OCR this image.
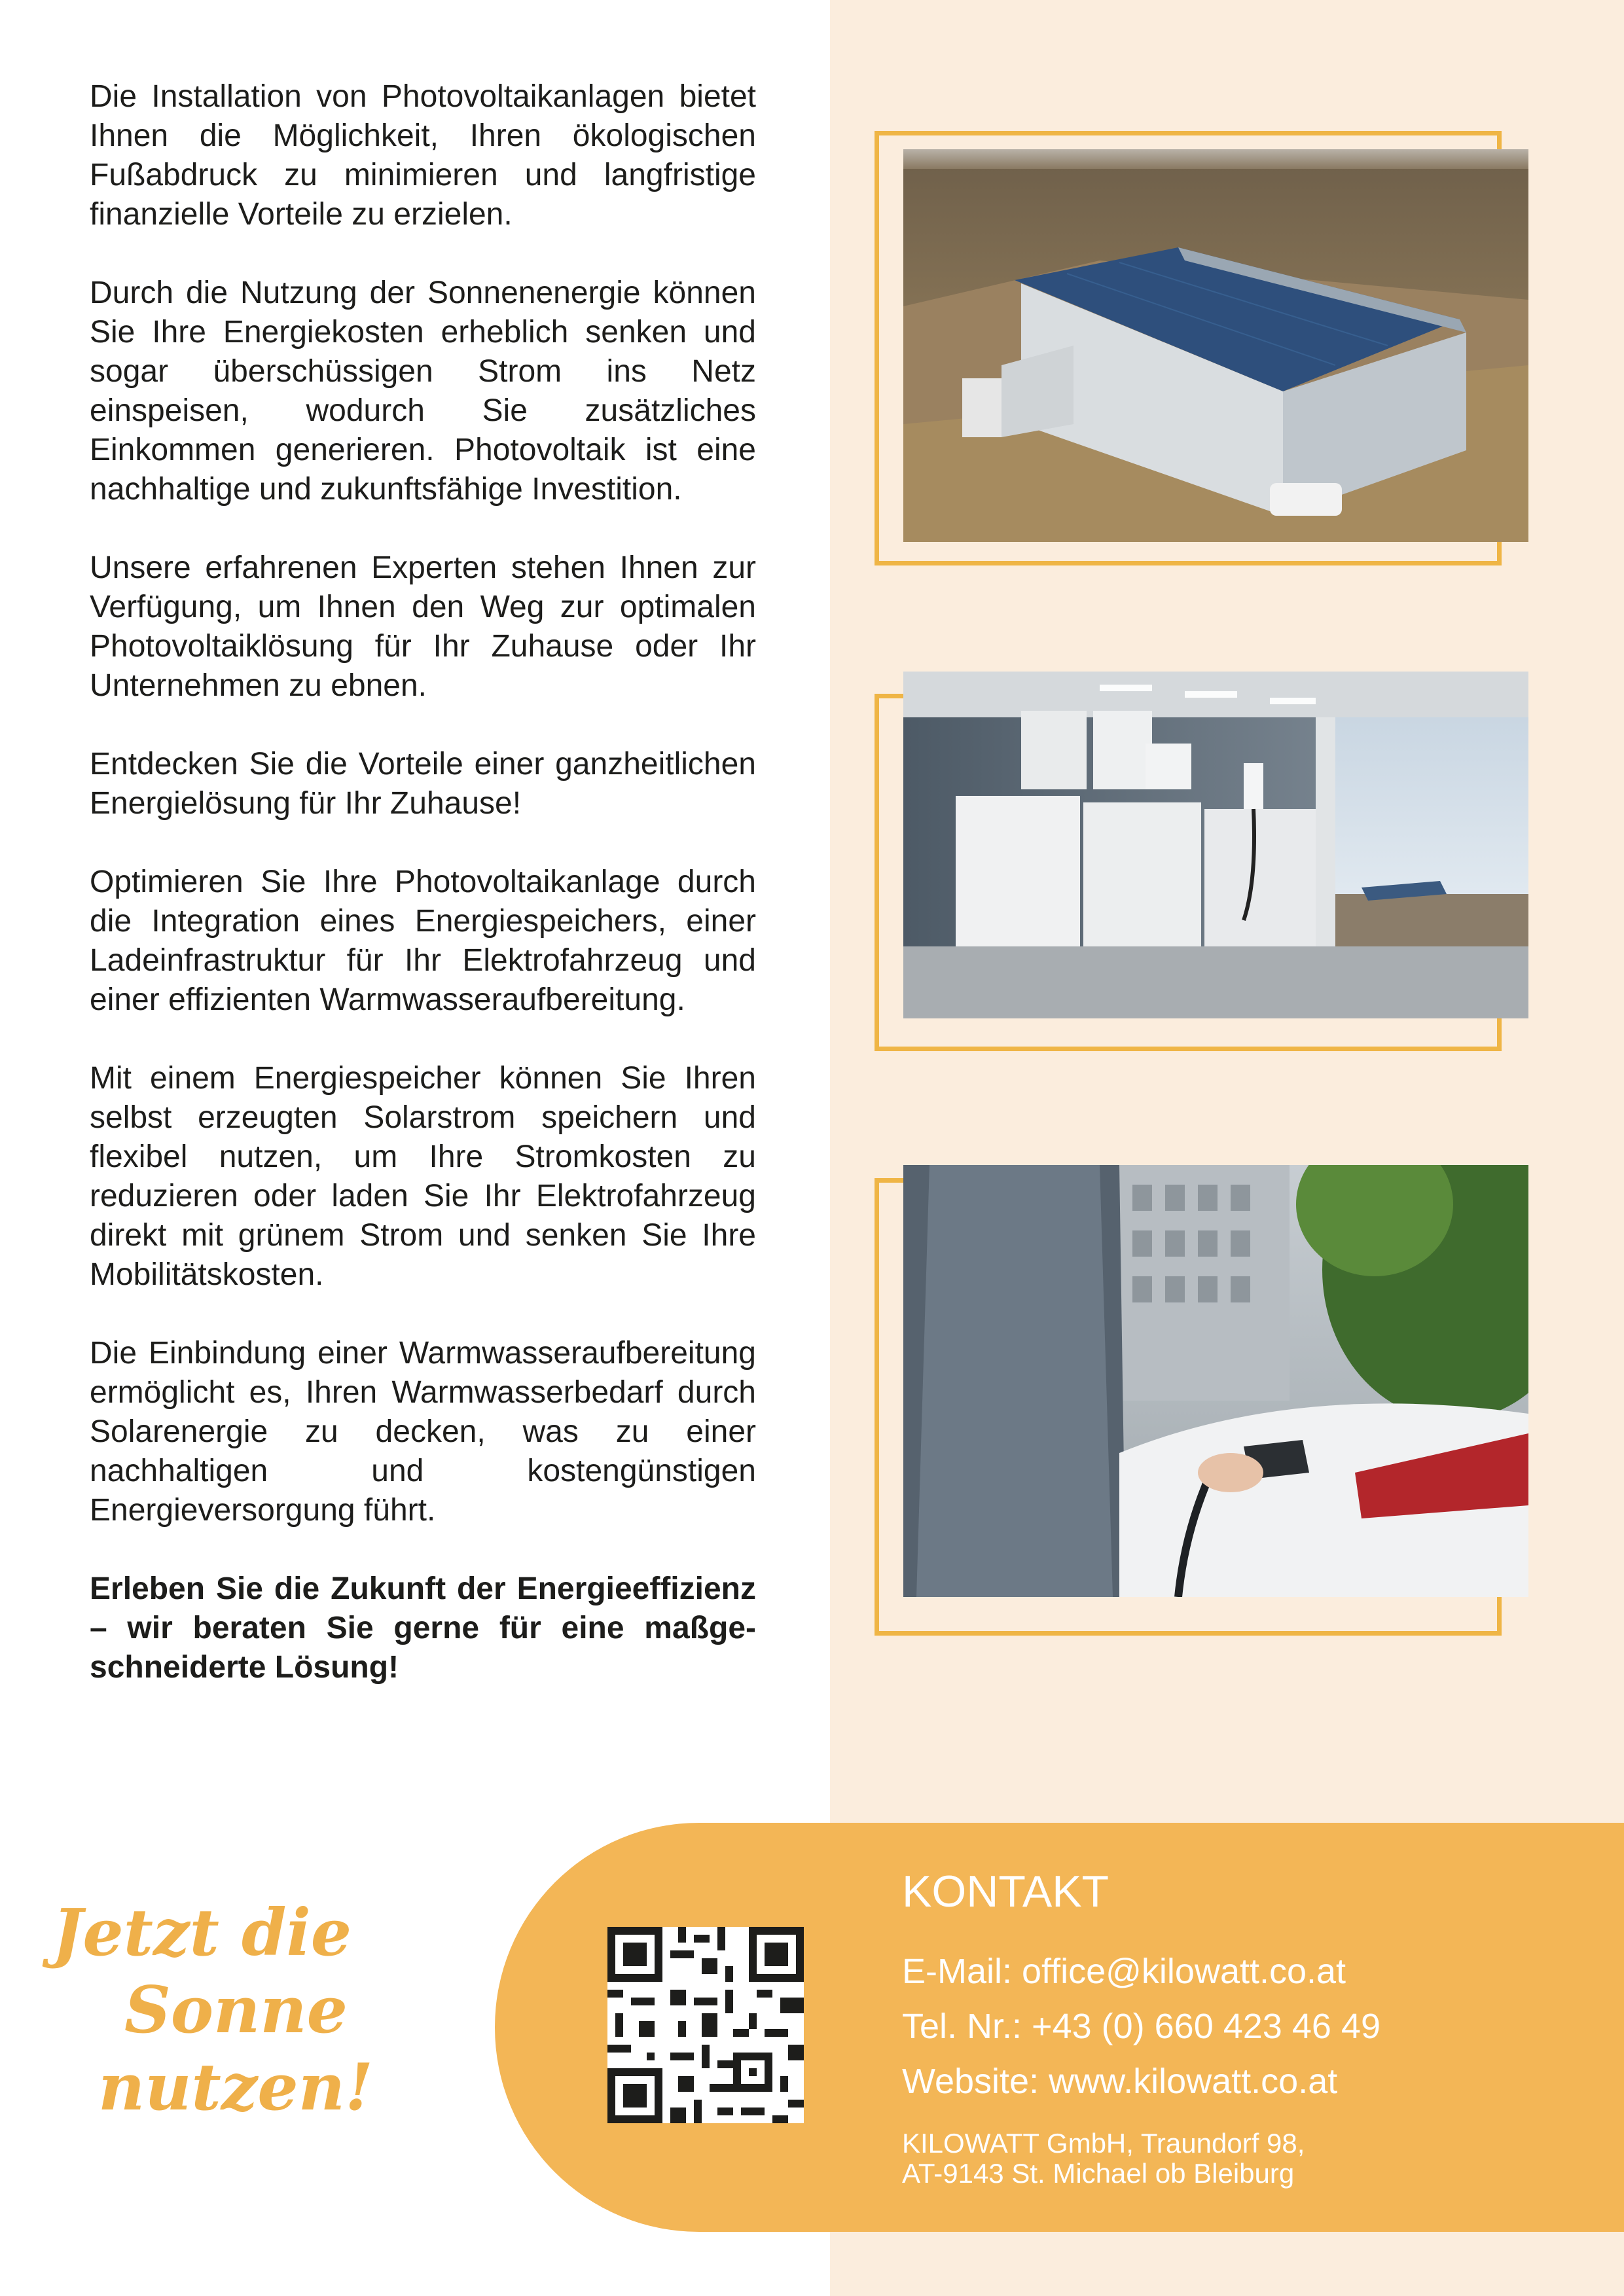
Die Installation von Photovoltaikanlagen bietet Ihnen die Möglichkeit, Ihren ökologischen Fußabdruck zu minimieren und langfristige finanzielle Vorteile zu erzielen.

Durch die Nutzung der Sonnenenergie können Sie Ihre Energiekosten erheblich senken und sogar überschüssigen Strom ins Netz einspeisen, wodurch Sie zusätzliches Einkommen generieren. Photovoltaik ist eine nachhaltige und zukunftsfähige Investition.

Unsere erfahrenen Experten stehen Ihnen zur Verfügung, um Ihnen den Weg zur optimalen Photovoltaiklösung für Ihr Zuhause oder Ihr Unternehmen zu ebnen.

Entdecken Sie die Vorteile einer ganzheitlichen Energielösung für Ihr Zuhause!

Optimieren Sie Ihre Photovoltaikanlage durch die Integration eines Energiespeichers, einer Ladeinfrastruktur für Ihr Elektrofahrzeug und einer effizienten Warmwasseraufbereitung.

Mit einem Energiespeicher können Sie Ihren selbst erzeugten Solarstrom speichern und flexibel nutzen, um Ihre Stromkosten zu reduzieren oder laden Sie Ihr Elektrofahrzeug direkt mit grünem Strom und senken Sie Ihre Mobilitätskosten.

Die Einbindung einer Warmwasseraufbereitung ermöglicht es, Ihren Warmwasserbedarf durch Solarenergie zu decken, was zu einer nachhaltigen und kostengünstigen Energieversorgung führt.

Erleben Sie die Zukunft der Energieeffizienz – wir beraten Sie gerne für eine maßgeschneiderte Lösung!

Jetzt die
Sonne
nutzen!
KONTAKT
E-Mail: office@kilowatt.co.at
Tel. Nr.: +43 (0) 660 423 46 49
Website: www.kilowatt.co.at
KILOWATT GmbH, Traundorf 98,
AT-9143 St. Michael ob Bleiburg
